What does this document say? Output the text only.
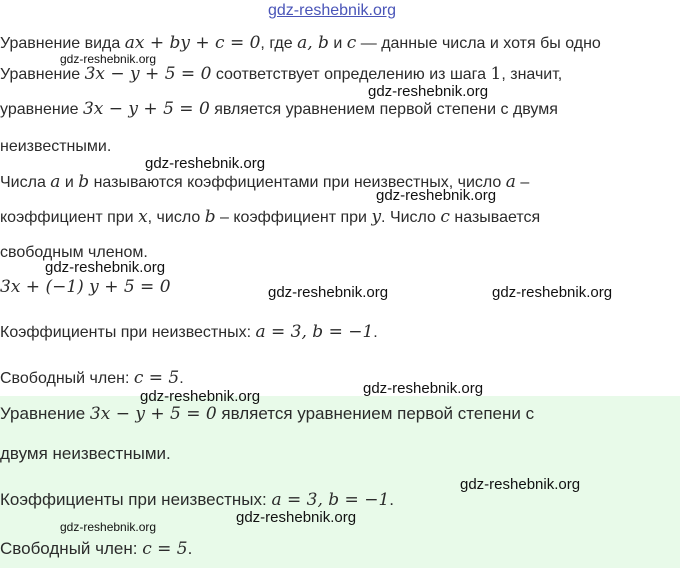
Уравнение вида ax + by + c = 0, где a, b и c — данные числа и хотя бы одно
Уравнение 3x − y + 5 = 0 соответствует определению из шага 1, значит,
уравнение 3x − y + 5 = 0 является уравнением первой степени с двумя
неизвестными.
Числа a и b называются коэффициентами при неизвестных, число a –
коэффициент при x, число b – коэффициент при y. Число c называется
свободным членом.
3x + (−1) y + 5 = 0
Коэффициенты при неизвестных: a = 3, b = −1.
Свободный член: c = 5.
Уравнение 3x − y + 5 = 0 является уравнением первой степени с
двумя неизвестными.
Коэффициенты при неизвестных: a = 3, b = −1.
Свободный член: c = 5.
gdz-reshebnik.org
gdz-reshebnik.org
gdz-reshebnik.org
gdz-reshebnik.org
gdz-reshebnik.org
gdz-reshebnik.org
gdz-reshebnik.org	gdz-reshebnik.org
gdz-reshebnik.org
gdz-reshebnik.org
gdz-reshebnik.org
gdz-reshebnik.org
gdz-reshebnik.org
